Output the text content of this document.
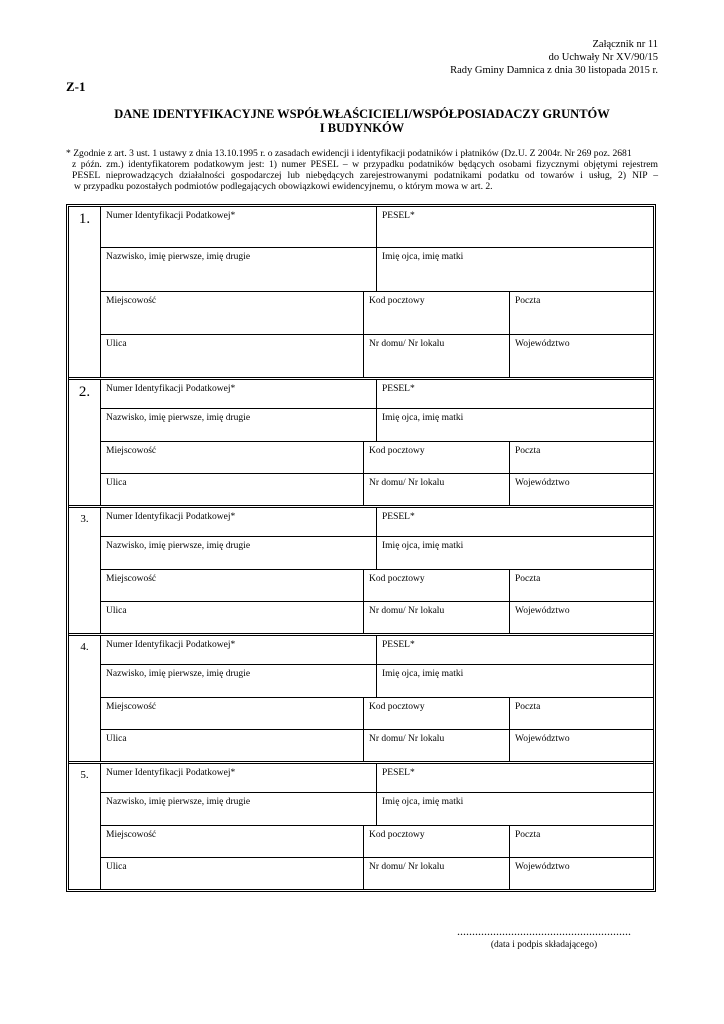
Załącznik nr 11
do Uchwały Nr XV/90/15
Rady Gminy Damnica z dnia 30 listopada 2015 r.
Z-1
DANE IDENTYFIKACYJNE WSPÓŁWŁAŚCICIELI/WSPÓŁPOSIADACZY GRUNTÓW
I BUDYNKÓW

* Zgodnie z art. 3 ust. 1 ustawy z dnia 13.10.1995 r. o zasadach ewidencji i identyfikacji podatników i płatników (Dz.U. Z 2004r. Nr 269 poz. 2681

z późn. zm.) identyfikatorem podatkowym jest: 1) numer PESEL – w przypadku podatników będących osobami fizycznymi objętymi rejestrem

PESEL nieprowadzących działalności gospodarczej lub niebędących zarejestrowanymi podatnikami podatku od towarów i usług, 2) NIP –

w przypadku pozostałych podmiotów podlegających obowiązkowi ewidencyjnemu, o którym mowa w art. 2.

1.	Numer Identyfikacji Podatkowej*	PESEL*
Nazwisko, imię pierwsze, imię drugie	Imię ojca, imię matki
Miejscowość	Kod pocztowy	Poczta
Ulica	Nr domu/ Nr lokalu	Województwo
2.	Numer Identyfikacji Podatkowej*	PESEL*
Nazwisko, imię pierwsze, imię drugie	Imię ojca, imię matki
Miejscowość	Kod pocztowy	Poczta
Ulica	Nr domu/ Nr lokalu	Województwo
3.	Numer Identyfikacji Podatkowej*	PESEL*
Nazwisko, imię pierwsze, imię drugie	Imię ojca, imię matki
Miejscowość	Kod pocztowy	Poczta
Ulica	Nr domu/ Nr lokalu	Województwo
4.	Numer Identyfikacji Podatkowej*	PESEL*
Nazwisko, imię pierwsze, imię drugie	Imię ojca, imię matki
Miejscowość	Kod pocztowy	Poczta
Ulica	Nr domu/ Nr lokalu	Województwo
5.	Numer Identyfikacji Podatkowej*	PESEL*
Nazwisko, imię pierwsze, imię drugie	Imię ojca, imię matki
Miejscowość	Kod pocztowy	Poczta
Ulica	Nr domu/ Nr lokalu	Województwo
..........................................................
(data i podpis składającego)
